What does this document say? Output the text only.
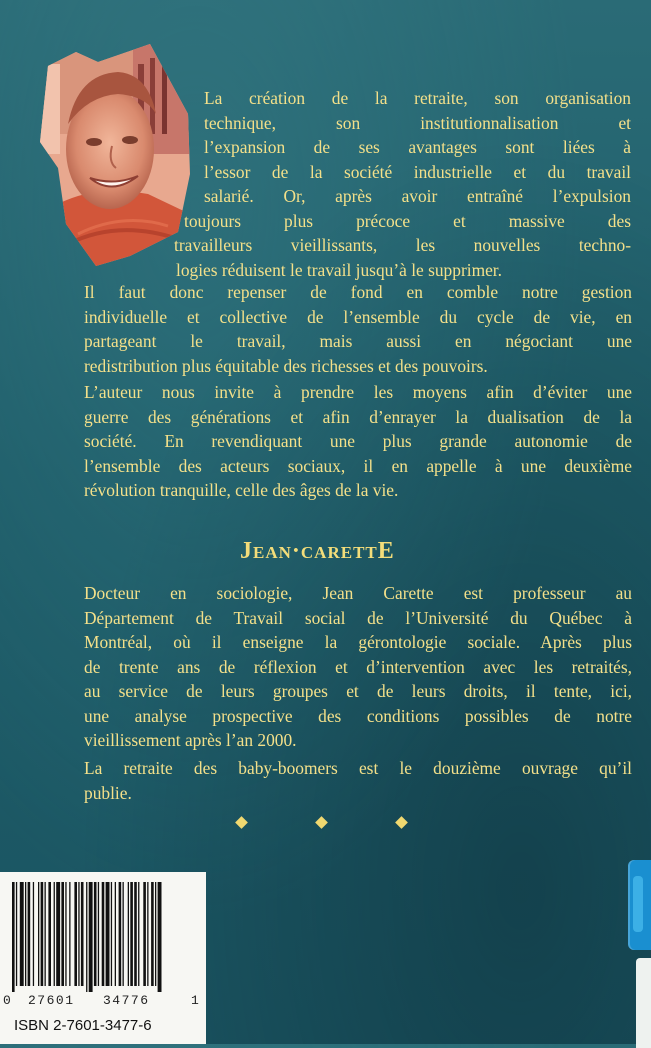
La création de la retraite, son organisation
technique, son institutionnalisation et
l’expansion de ses avantages sont liées à
l’essor de la société industrielle et du travail
salarié. Or, après avoir entraîné l’expulsion
toujours plus précoce et massive des
travailleurs vieillissants, les nouvelles techno-
logies réduisent le travail jusqu’à le supprimer.

Il faut donc repenser de fond en comble notre gestion
individuelle et collective de l’ensemble du cycle de vie, en
partageant le travail, mais aussi en négociant une
redistribution plus équitable des richesses et des pouvoirs.

L’auteur nous invite à prendre les moyens afin d’éviter une
guerre des générations et afin d’enrayer la dualisation de la
société. En revendiquant une plus grande autonomie de
l’ensemble des acteurs sociaux, il en appelle à une deuxième
révolution tranquille, celle des âges de la vie.

Jean·carettE

Docteur en sociologie, Jean Carette est professeur au
Département de Travail social de l’Université du Québec à
Montréal, où il enseigne la gérontologie sociale. Après plus
de trente ans de réflexion et d’intervention avec les retraités,
au service de leurs groupes et de leurs droits, il tente, ici,
une analyse prospective des conditions possibles de notre
vieillissement après l’an 2000.

La retraite des baby-boomers est le douzième ouvrage qu’il
publie.

0 27601 34776	1
ISBN 2-7601-3477-6
